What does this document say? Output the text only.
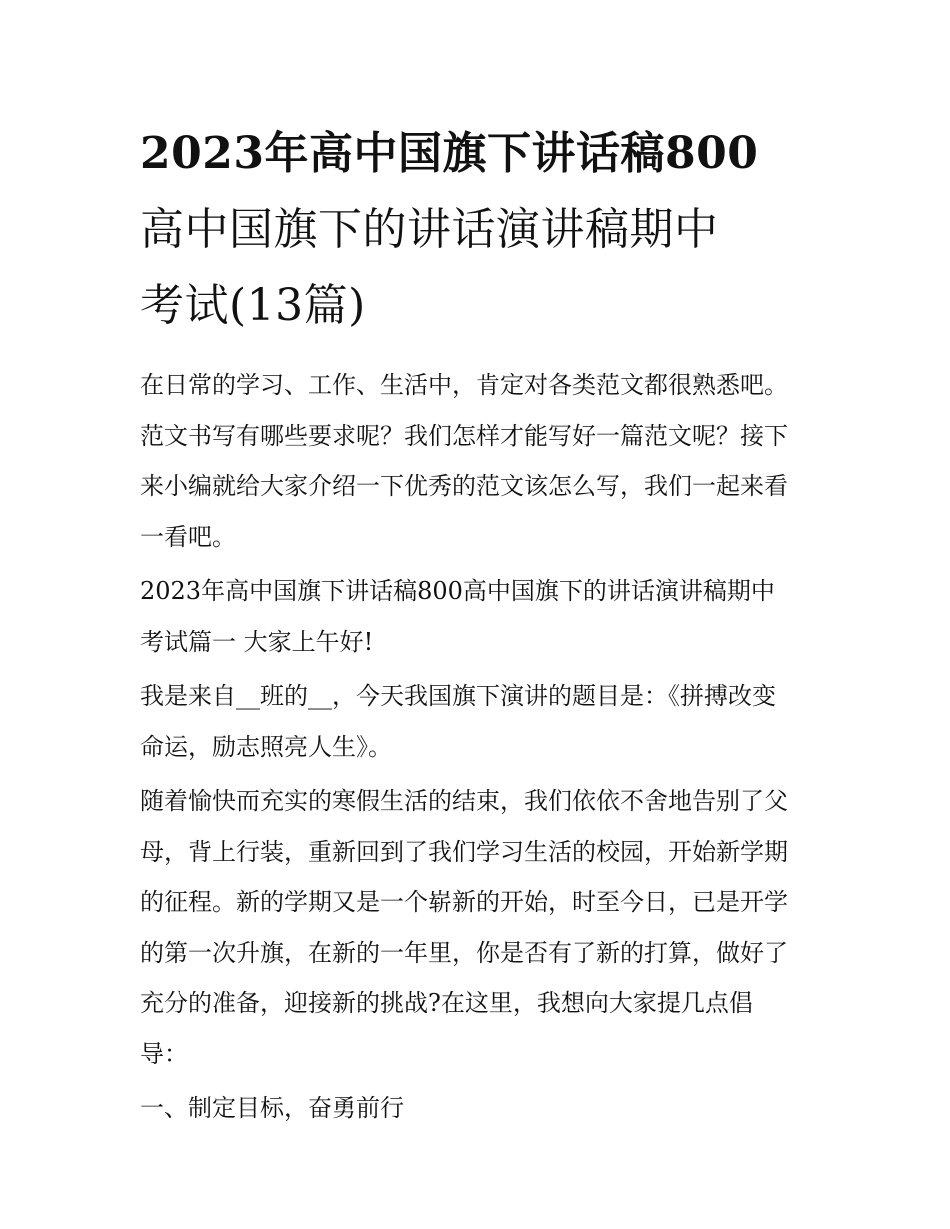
2023年高中国旗下讲话稿800
高中国旗下的讲话演讲稿期中
考试(13篇)

在日常的学习、工作、生活中，肯定对各类范文都很熟悉吧。
范文书写有哪些要求呢？我们怎样才能写好一篇范文呢？接下
来小编就给大家介绍一下优秀的范文该怎么写，我们一起来看
一看吧。

2023年高中国旗下讲话稿800高中国旗下的讲话演讲稿期中
考试篇一 大家上午好!

我是来自__班的__，今天我国旗下演讲的题目是：《拼搏改变
命运，励志照亮人生》。

随着愉快而充实的寒假生活的结束，我们依依不舍地告别了父
母，背上行装，重新回到了我们学习生活的校园，开始新学期
的征程。新的学期又是一个崭新的开始，时至今日，已是开学
的第一次升旗，在新的一年里，你是否有了新的打算，做好了
充分的准备，迎接新的挑战?在这里，我想向大家提几点倡
导：

一、制定目标，奋勇前行
